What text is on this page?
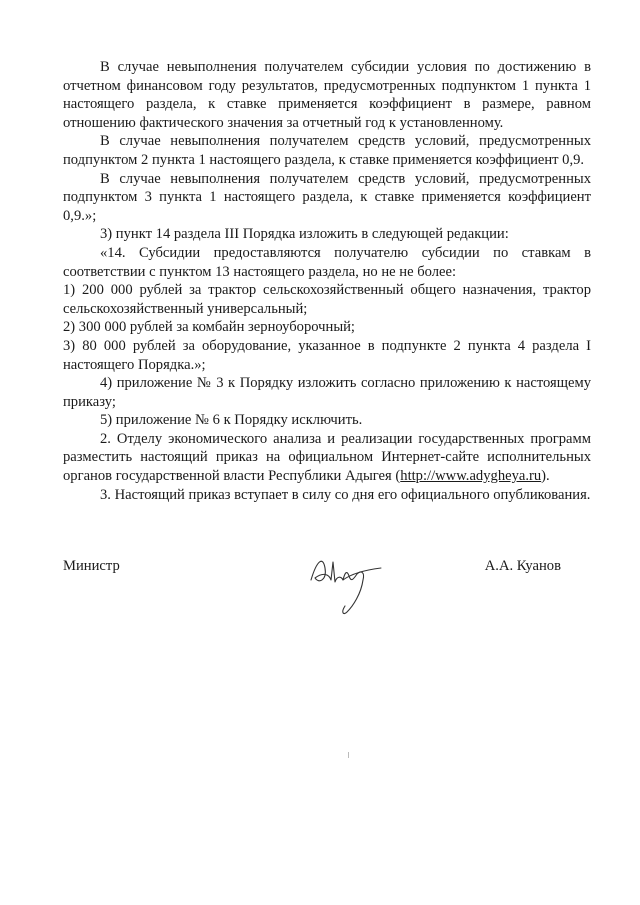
В случае невыполнения получателем субсидии условия по достижению в отчетном финансовом году результатов, предусмотренных подпунктом 1 пункта 1 настоящего раздела, к ставке применяется коэффициент в размере, равном отношению фактического значения за отчетный год к установленному.

В случае невыполнения получателем средств условий, предусмотренных подпунктом 2 пункта 1 настоящего раздела, к ставке применяется коэффициент 0,9.

В случае невыполнения получателем средств условий, предусмотренных подпунктом 3 пункта 1 настоящего раздела, к ставке применяется коэффициент 0,9.»;

3) пункт 14 раздела III Порядка изложить в следующей редакции:

«14. Субсидии предоставляются получателю субсидии по ставкам в соответствии с пунктом 13 настоящего раздела, но не не более:

1) 200 000 рублей за трактор сельскохозяйственный общего назначения, трактор сельскохозяйственный универсальный;

2) 300 000 рублей за комбайн зерноуборочный;

3) 80 000 рублей за оборудование, указанное в подпункте 2 пункта 4 раздела I настоящего Порядка.»;

4) приложение № 3 к Порядку изложить согласно приложению к настоящему приказу;

5) приложение № 6 к Порядку исключить.

2. Отделу экономического анализа и реализации государственных программ разместить настоящий приказ на официальном Интернет-сайте исполнительных органов государственной власти Республики Адыгея (http://www.adygheya.ru).

3. Настоящий приказ вступает в силу со дня его официального опубликования.

Министр	А.А. Куанов
